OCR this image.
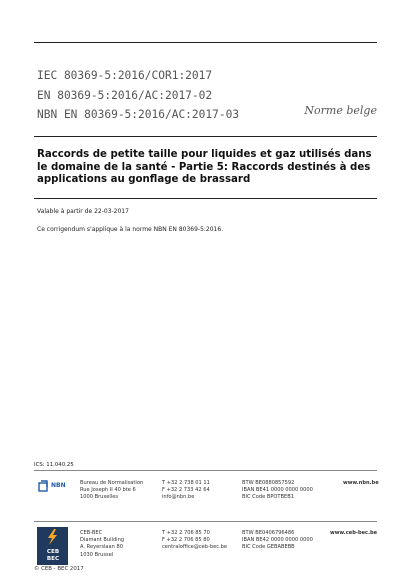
IEC 80369-5:2016/COR1:2017
EN 80369-5:2016/AC:2017-02
NBN EN 80369-5:2016/AC:2017-03	Norme belge
Raccords de petite taille pour liquides et gaz utilisés dans le domaine de la santé - Partie 5: Raccords destinés à des applications au gonflage de brassard
Valable à partir de 22-03-2017
Ce corrigendum s'applique à la norme NBN EN 80369-5:2016.
ICS: 11.040.25
NBN	Bureau de Normalisation
Rue Joseph II 40 bte 6
1000 Bruxelles
T +32 2 738 01 11
F +32 2 733 42 64
info@nbn.be
BTW BE0880857592
IBAN BE41 0000 0000 0000
BIC Code BPOTBEB1
www.nbn.be
CEB BEC
CEB-BEC
Diamant Building
A. Reyerslaan 80
1030 Brussel
T +32 2 706 85 70
F +32 2 706 85 80
centraloffice@ceb-bec.be
BTW BE0406796486
IBAN BE42 0000 0000 0000
BIC Code GEBABEBB
www.ceb-bec.be
© CEB - BEC 2017
